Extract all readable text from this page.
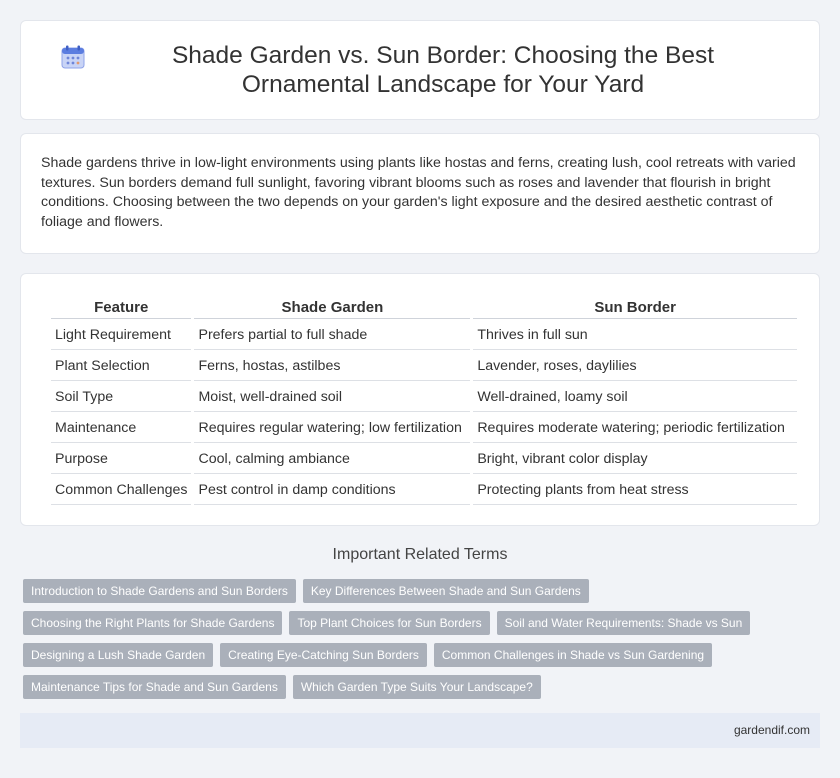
Shade Garden vs. Sun Border: Choosing the Best Ornamental Landscape for Your Yard

Shade gardens thrive in low-light environments using plants like hostas and ferns, creating lush, cool retreats with varied textures. Sun borders demand full sunlight, favoring vibrant blooms such as roses and lavender that flourish in bright conditions. Choosing between the two depends on your garden's light exposure and the desired aesthetic contrast of foliage and flowers.

Feature	Shade Garden	Sun Border
Light Requirement	Prefers partial to full shade	Thrives in full sun
Plant Selection	Ferns, hostas, astilbes	Lavender, roses, daylilies
Soil Type	Moist, well-drained soil	Well-drained, loamy soil
Maintenance	Requires regular watering; low fertilization	Requires moderate watering; periodic fertilization
Purpose	Cool, calming ambiance	Bright, vibrant color display
Common Challenges	Pest control in damp conditions	Protecting plants from heat stress
Important Related Terms
Introduction to Shade Gardens and Sun Borders	Key Differences Between Shade and Sun Gardens
Choosing the Right Plants for Shade Gardens	Top Plant Choices for Sun Borders	Soil and Water Requirements: Shade vs Sun
Designing a Lush Shade Garden	Creating Eye-Catching Sun Borders	Common Challenges in Shade vs Sun Gardening
Maintenance Tips for Shade and Sun Gardens	Which Garden Type Suits Your Landscape?
gardendif.com
